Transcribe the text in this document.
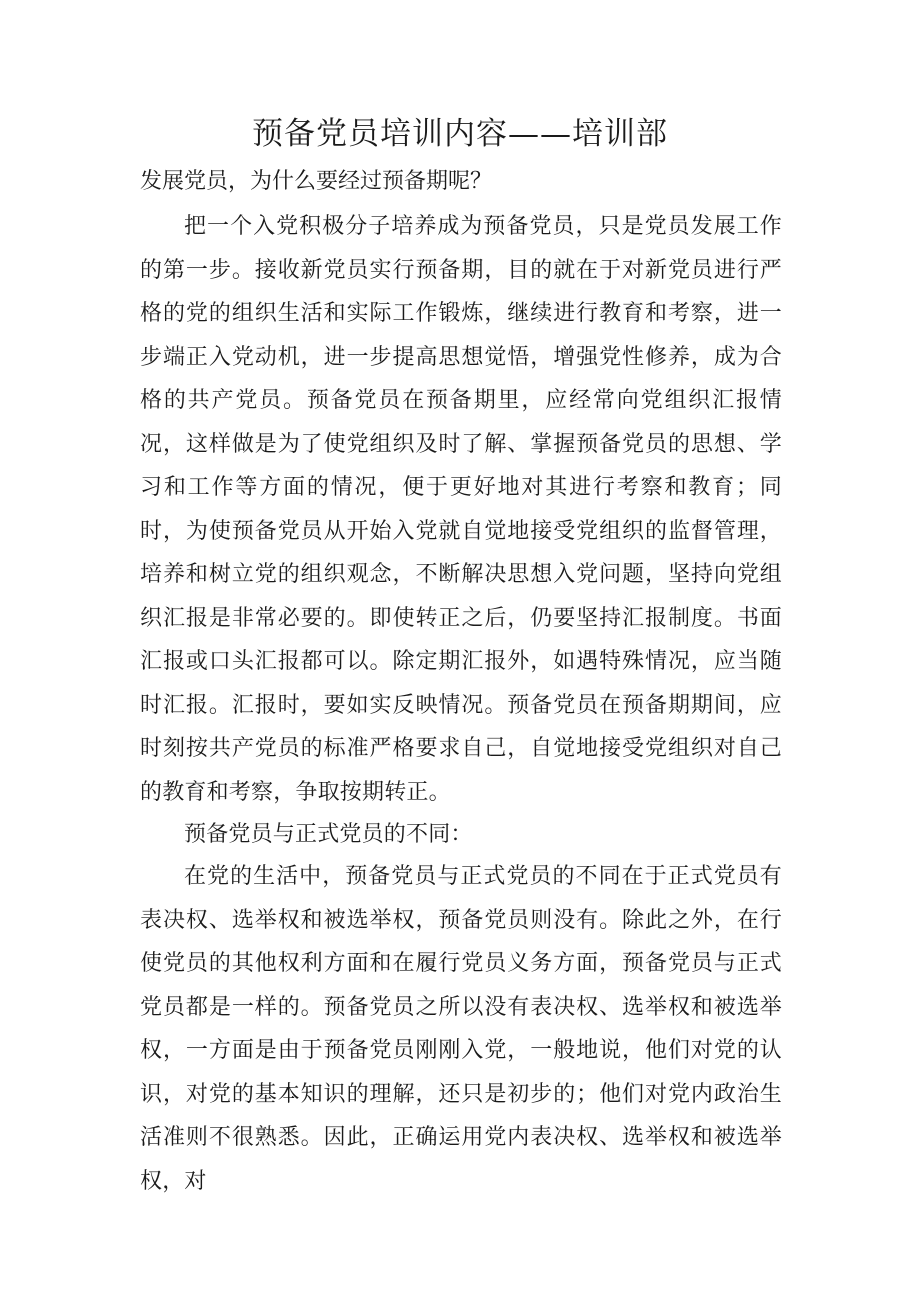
预备党员培训内容——培训部
发展党员，为什么要经过预备期呢？

把一个入党积极分子培养成为预备党员，只是党员发展工作的第一步。接收新党员实行预备期，目的就在于对新党员进行严格的党的组织生活和实际工作锻炼，继续进行教育和考察，进一步端正入党动机，进一步提高思想觉悟，增强党性修养，成为合格的共产党员。预备党员在预备期里，应经常向党组织汇报情况，这样做是为了使党组织及时了解、掌握预备党员的思想、学习和工作等方面的情况，便于更好地对其进行考察和教育；同时，为使预备党员从开始入党就自觉地接受党组织的监督管理，培养和树立党的组织观念，不断解决思想入党问题，坚持向党组织汇报是非常必要的。即使转正之后，仍要坚持汇报制度。书面汇报或口头汇报都可以。除定期汇报外，如遇特殊情况，应当随时汇报。汇报时，要如实反映情况。预备党员在预备期期间，应时刻按共产党员的标准严格要求自己，自觉地接受党组织对自己的教育和考察，争取按期转正。

预备党员与正式党员的不同：

在党的生活中，预备党员与正式党员的不同在于正式党员有表决权、选举权和被选举权，预备党员则没有。除此之外，在行使党员的其他权利方面和在履行党员义务方面，预备党员与正式党员都是一样的。预备党员之所以没有表决权、选举权和被选举权，一方面是由于预备党员刚刚入党，一般地说，他们对党的认识，对党的基本知识的理解，还只是初步的；他们对党内政治生活准则不很熟悉。因此，正确运用党内表决权、选举权和被选举权，对
